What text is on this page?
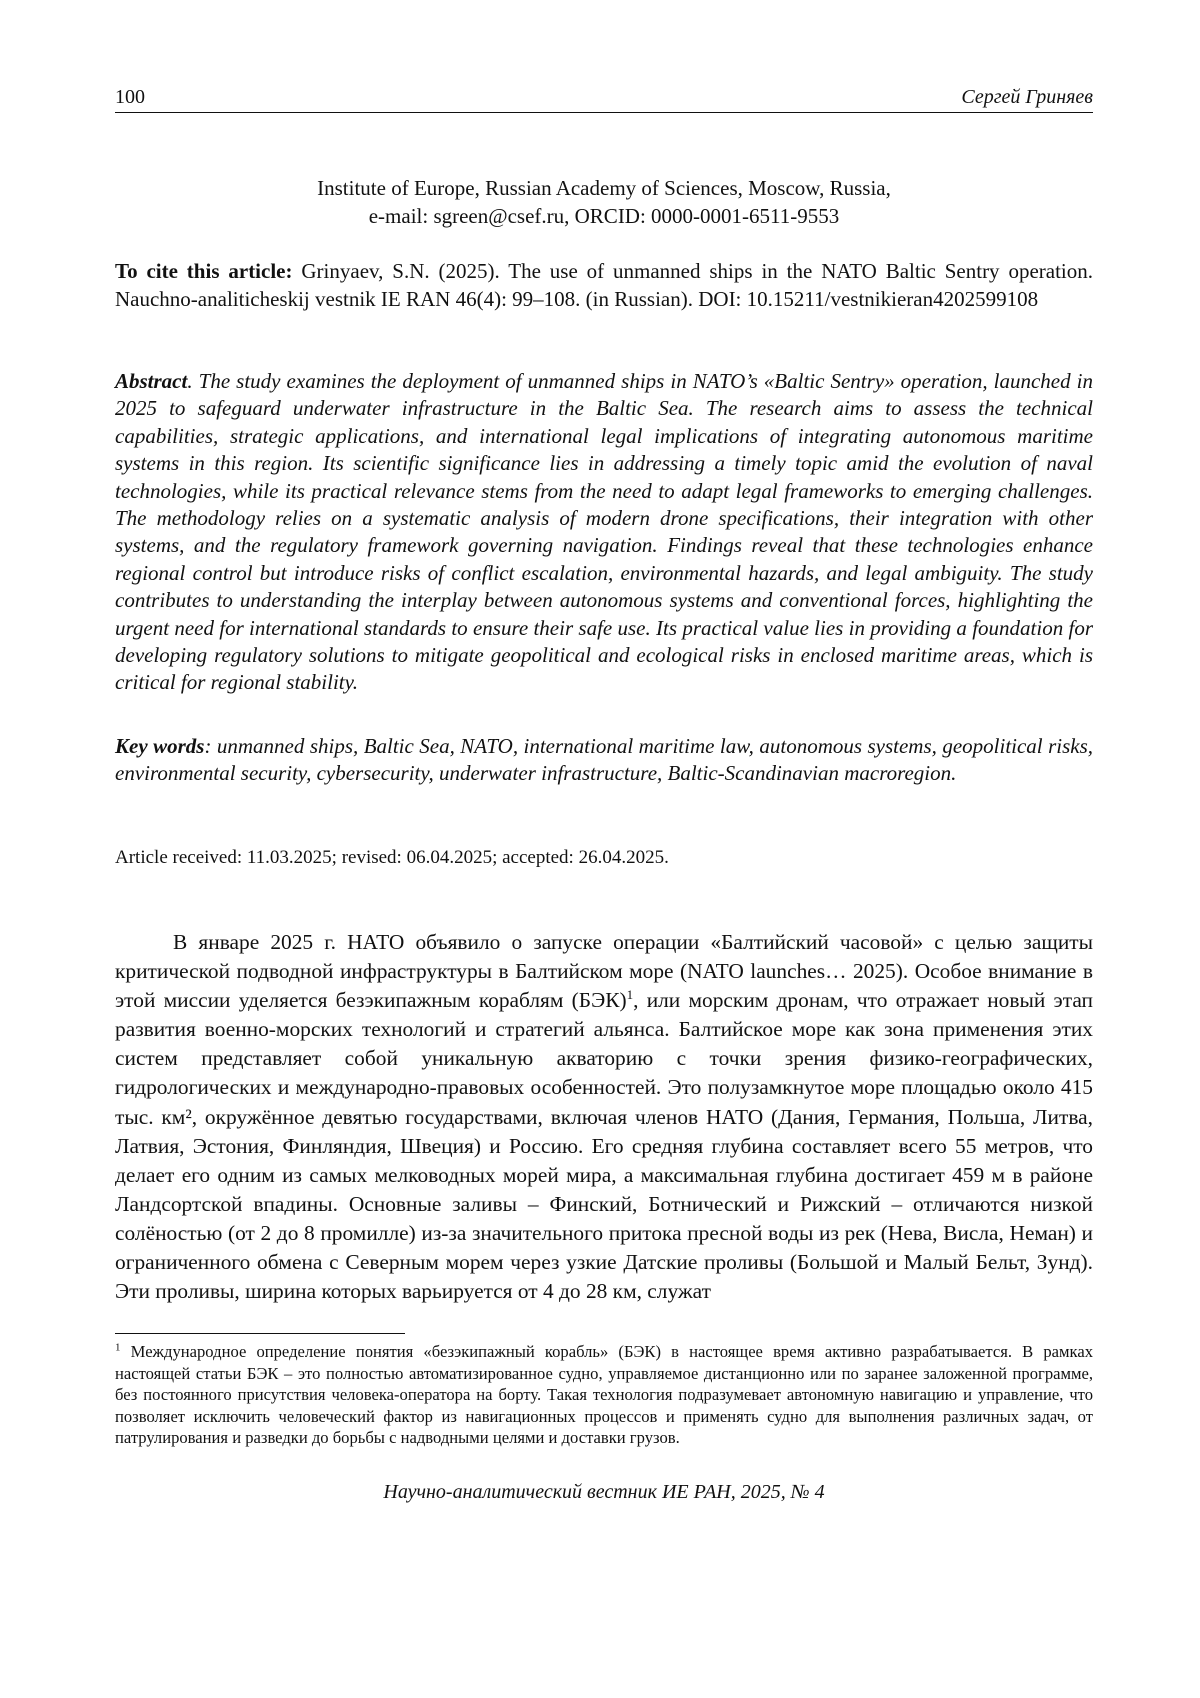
100	Сергей Гриняев
Institute of Europe, Russian Academy of Sciences, Moscow, Russia,
e-mail: sgreen@csef.ru, ORCID: 0000-0001-6511-9553
To cite this article: Grinyaev, S.N. (2025). The use of unmanned ships in the NATO Baltic Sentry operation. Nauchno-analiticheskij vestnik IE RAN 46(4): 99–108. (in Russian). DOI: 10.15211/vestnikieran4202599108
Abstract. The study examines the deployment of unmanned ships in NATO’s «Baltic Sentry» operation, launched in 2025 to safeguard underwater infrastructure in the Baltic Sea. The research aims to assess the technical capabilities, strategic applications, and international legal implications of integrating autonomous maritime systems in this region. Its scientific significance lies in addressing a timely topic amid the evolution of naval technologies, while its practical relevance stems from the need to adapt legal frameworks to emerging challenges. The methodology relies on a systematic analysis of modern drone specifications, their integration with other systems, and the regulatory framework governing navigation. Findings reveal that these technologies enhance regional control but introduce risks of conflict escalation, environmental hazards, and legal ambiguity. The study contributes to understanding the interplay between autonomous systems and conventional forces, highlighting the urgent need for international standards to ensure their safe use. Its practical value lies in providing a foundation for developing regulatory solutions to mitigate geopolitical and ecological risks in enclosed maritime areas, which is critical for regional stability.
Key words: unmanned ships, Baltic Sea, NATO, international maritime law, autonomous systems, geopolitical risks, environmental security, cybersecurity, underwater infrastructure, Baltic-Scandinavian macroregion.
Article received: 11.03.2025; revised: 06.04.2025; accepted: 26.04.2025.
В январе 2025 г. НАТО объявило о запуске операции «Балтийский часовой» с целью защиты критической подводной инфраструктуры в Балтийском море (NATO launches… 2025). Особое внимание в этой миссии уделяется безэкипажным кораблям (БЭК)$^1$, или морским дронам, что отражает новый этап развития военно-морских технологий и стратегий альянса. Балтийское море как зона применения этих систем представляет собой уникальную акваторию с точки зрения физико-географических, гидрологических и международно-правовых особенностей. Это полузамкнутое море площадью около 415 тыс. км², окружённое девятью государствами, включая членов НАТО (Дания, Германия, Польша, Литва, Латвия, Эстония, Финляндия, Швеция) и Россию. Его средняя глубина составляет всего 55 метров, что делает его одним из самых мелководных морей мира, а максимальная глубина достигает 459 м в районе Ландсортской впадины. Основные заливы – Финский, Ботнический и Рижский – отличаются низкой солёностью (от 2 до 8 промилле) из-за значительного притока пресной воды из рек (Нева, Висла, Неман) и ограниченного обмена с Северным морем через узкие Датские проливы (Большой и Малый Бельт, Зунд). Эти проливы, ширина которых варьируется от 4 до 28 км, служат
$^1$ Международное определение понятия «безэкипажный корабль» (БЭК) в настоящее время активно разрабатывается. В рамках настоящей статьи БЭК – это полностью автоматизированное судно, управляемое дистанционно или по заранее заложенной программе, без постоянного присутствия человека-оператора на борту. Такая технология подразумевает автономную навигацию и управление, что позволяет исключить человеческий фактор из навигационных процессов и применять судно для выполнения различных задач, от патрулирования и разведки до борьбы с надводными целями и доставки грузов.
Научно-аналитический вестник ИЕ РАН, 2025, № 4
